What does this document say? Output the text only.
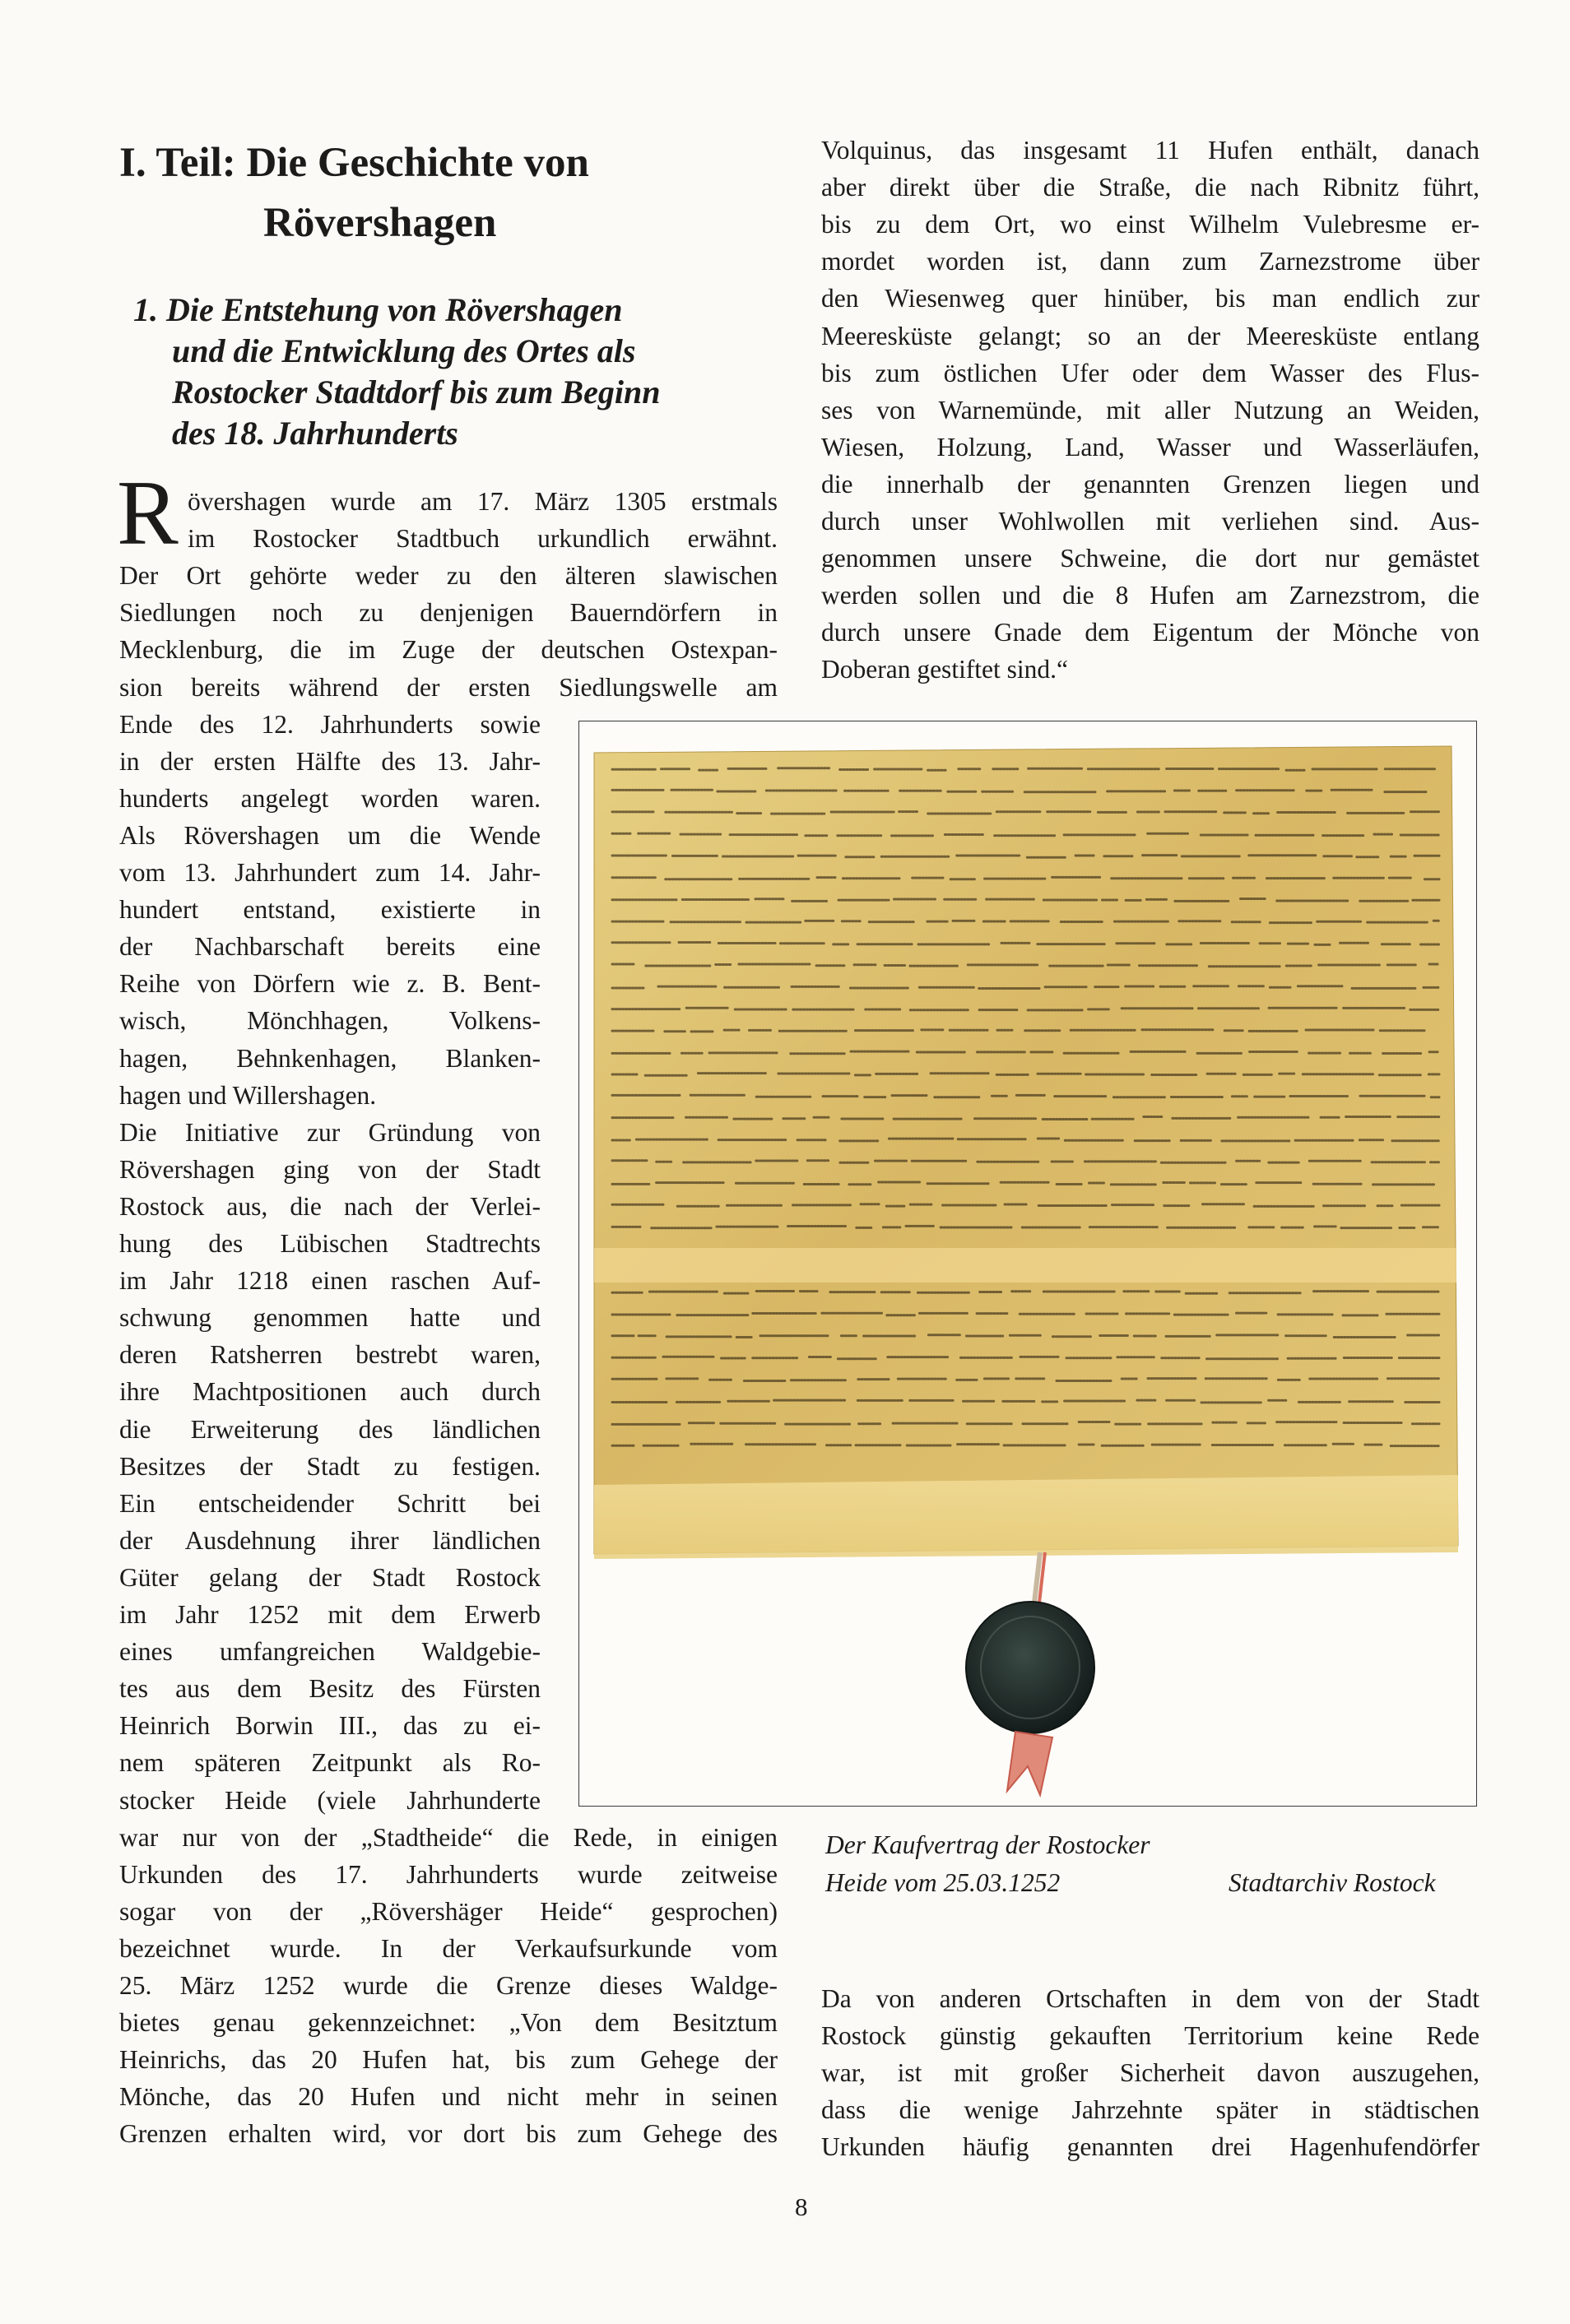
I. Teil: Die Geschichte von
Rövershagen
1. Die Entstehung von Rövershagen
und die Entwicklung des Ortes als
Rostocker Stadtdorf bis zum Beginn
des 18. Jahrhunderts
R övershagen wurde am 17. März 1305 erstmals
im Rostocker Stadtbuch urkundlich erwähnt.
Der Ort gehörte weder zu den älteren slawischen
Siedlungen noch zu denjenigen Bauerndörfern in
Mecklenburg, die im Zuge der deutschen Ostexpan-
sion bereits während der ersten Siedlungswelle am
Ende des 12. Jahrhunderts sowie
in der ersten Hälfte des 13. Jahr-
hunderts angelegt worden waren.
Als Rövershagen um die Wende
vom 13. Jahrhundert zum 14. Jahr-
hundert entstand, existierte in
der Nachbarschaft bereits eine
Reihe von Dörfern wie z. B. Bent-
wisch, Mönchhagen, Volkens-
hagen, Behnkenhagen, Blanken-
hagen und Willershagen.
Die Initiative zur Gründung von
Rövershagen ging von der Stadt
Rostock aus, die nach der Verlei-
hung des Lübischen Stadtrechts
im Jahr 1218 einen raschen Auf-
schwung genommen hatte und
deren Ratsherren bestrebt waren,
ihre Machtpositionen auch durch
die Erweiterung des ländlichen
Besitzes der Stadt zu festigen.
Ein entscheidender Schritt bei
der Ausdehnung ihrer ländlichen
Güter gelang der Stadt Rostock
im Jahr 1252 mit dem Erwerb
eines umfangreichen Waldgebie-
tes aus dem Besitz des Fürsten
Heinrich Borwin III., das zu ei-
nem späteren Zeitpunkt als Ro-
stocker Heide (viele Jahrhunderte
war nur von der „Stadtheide“ die Rede, in einigen
Urkunden des 17. Jahrhunderts wurde zeitweise
sogar von der „Rövershäger Heide“ gesprochen)
bezeichnet wurde. In der Verkaufsurkunde vom
25. März 1252 wurde die Grenze dieses Waldge-
bietes genau gekennzeichnet: „Von dem Besitztum
Heinrichs, das 20 Hufen hat, bis zum Gehege der
Mönche, das 20 Hufen und nicht mehr in seinen
Grenzen erhalten wird, vor dort bis zum Gehege des
Volquinus, das insgesamt 11 Hufen enthält, danach
aber direkt über die Straße, die nach Ribnitz führt,
bis zu dem Ort, wo einst Wilhelm Vulebresme er-
mordet worden ist, dann zum Zarnezstrome über
den Wiesenweg quer hinüber, bis man endlich zur
Meeresküste gelangt; so an der Meeresküste entlang
bis zum östlichen Ufer oder dem Wasser des Flus-
ses von Warnemünde, mit aller Nutzung an Weiden,
Wiesen, Holzung, Land, Wasser und Wasserläufen,
die innerhalb der genannten Grenzen liegen und
durch unser Wohlwollen mit verliehen sind. Aus-
genommen unsere Schweine, die dort nur gemästet
werden sollen und die 8 Hufen am Zarnezstrom, die
durch unsere Gnade dem Eigentum der Mönche von
Doberan gestiftet sind.“
Der Kaufvertrag der Rostocker
Heide vom 25.03.1252	Stadtarchiv Rostock
Da von anderen Ortschaften in dem von der Stadt
Rostock günstig gekauften Territorium keine Rede
war, ist mit großer Sicherheit davon auszugehen,
dass die wenige Jahrzehnte später in städtischen
Urkunden häufig genannten drei Hagenhufendörfer
8
